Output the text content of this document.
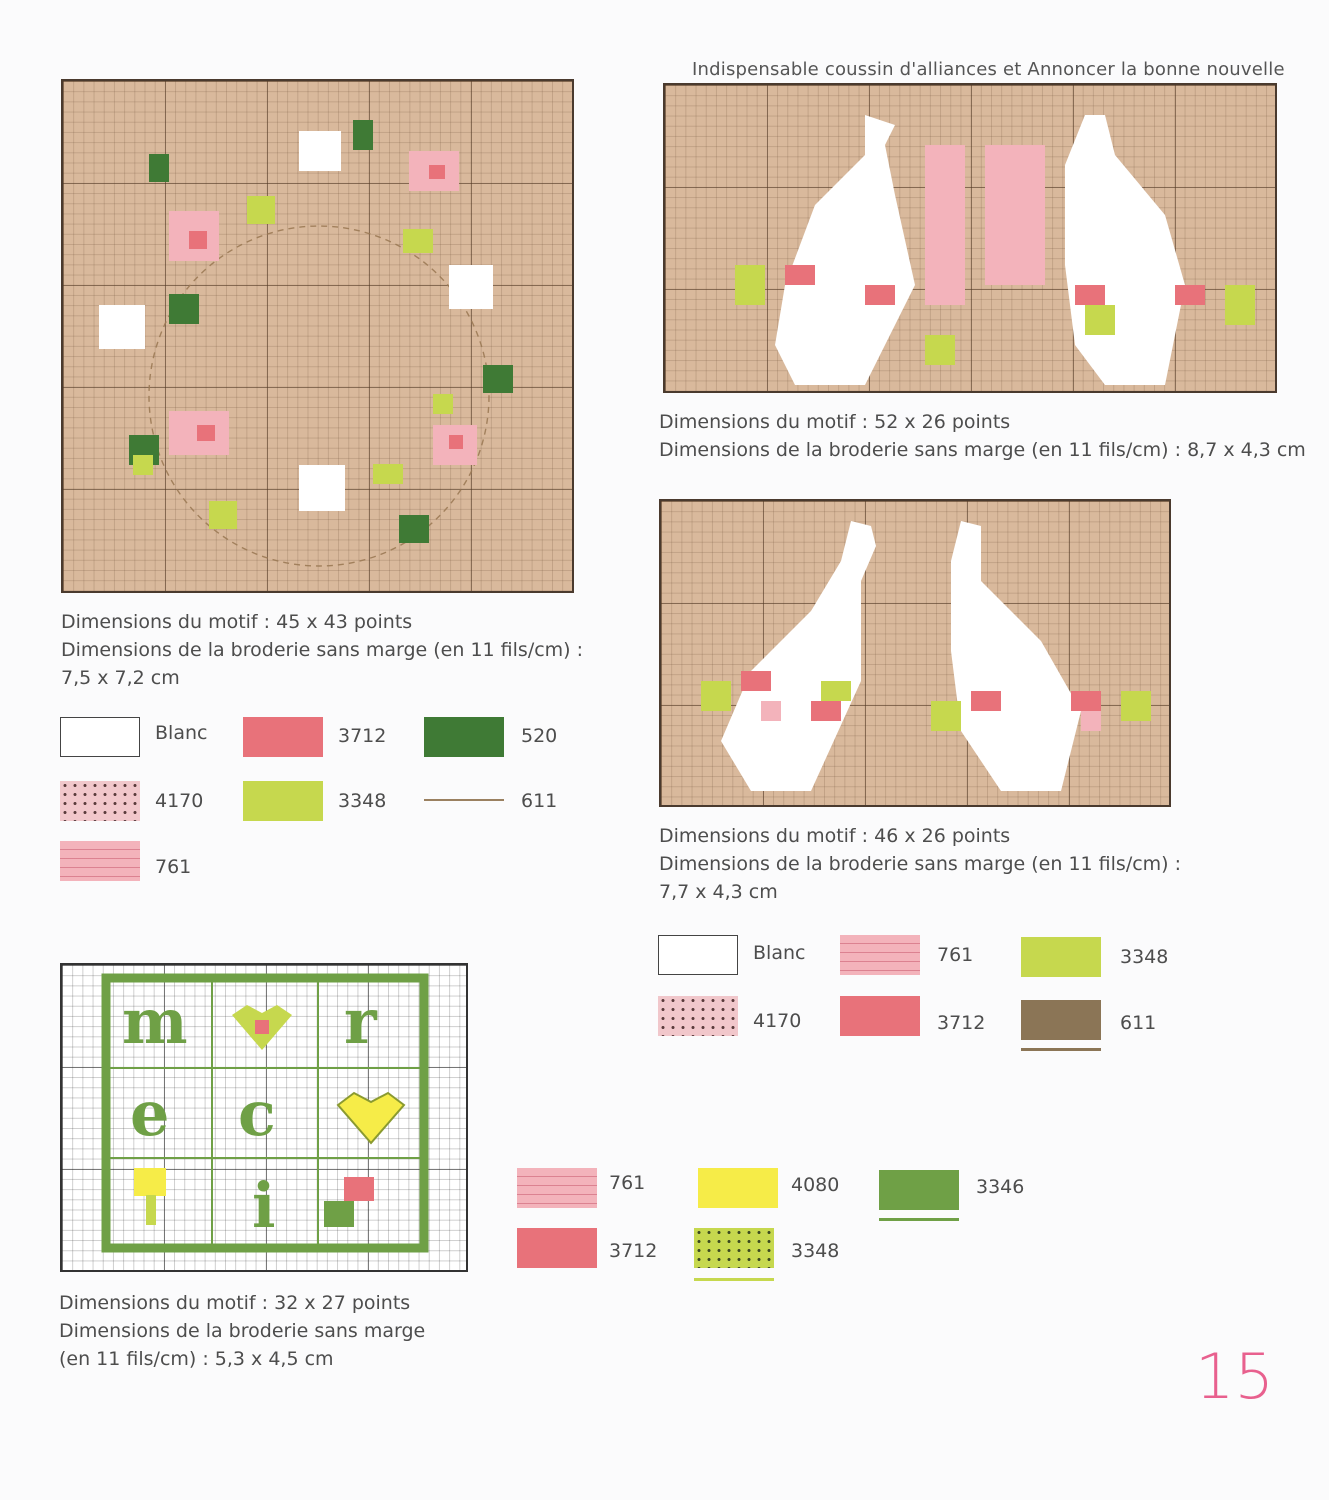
Indispensable coussin d'alliances et Annoncer la bonne nouvelle
Dimensions du motif : 45 x 43 points
Dimensions de la broderie sans marge (en 11 fils/cm) :
7,5 x 7,2 cm
Blanc	3712	520
4170	3348	611
761
Dimensions du motif : 52 x 26 points
Dimensions de la broderie sans marge (en 11 fils/cm) : 8,7 x 4,3 cm
Dimensions du motif : 46 x 26 points
Dimensions de la broderie sans marge (en 11 fils/cm) :
7,7 x 4,3 cm
Blanc	761	3348
4170	3712	611
m	r
e c
i
Dimensions du motif : 32 x 27 points
Dimensions de la broderie sans marge
(en 11 fils/cm) : 5,3 x 4,5 cm
761	4080	3346
3712	3348
15
